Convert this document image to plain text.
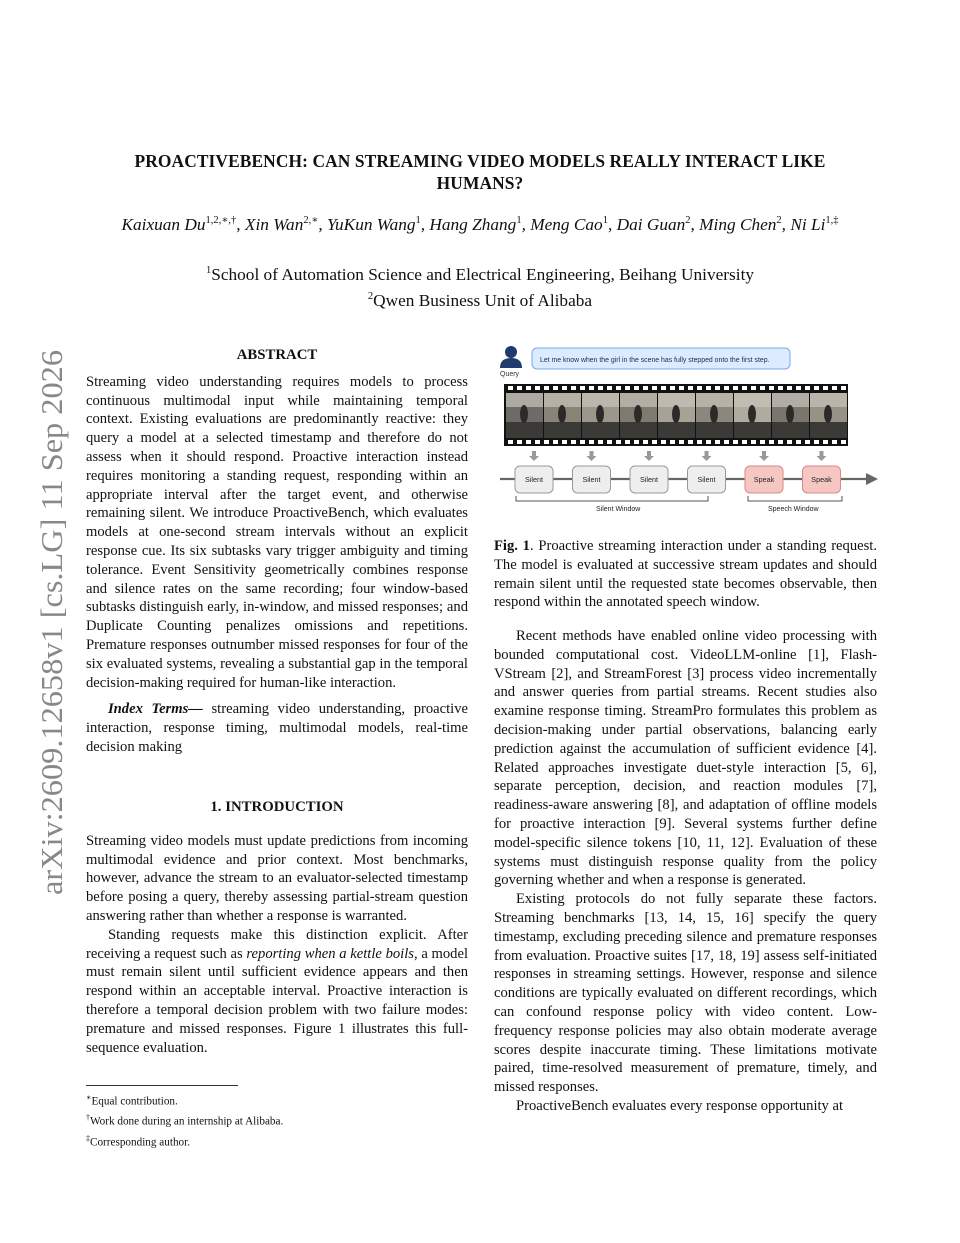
arXiv:2609.12658v1 [cs.LG] 11 Sep 2026
PROACTIVEBENCH: CAN STREAMING VIDEO MODELS REALLY INTERACT LIKE
HUMANS?
Kaixuan $Du^{1,2,∗,\dagger}$, Xin Wan$^{2,∗}$, YuKun Wang$^1$, Hang Zhang$^1$, Meng Cao$^1$, Dai Guan$^2$, Ming Chen$^2$, Ni $Li^{1,\ddagger}$
$^1$School of Automation Science and Electrical Engineering, Beihang University
$^2$Qwen Business Unit of Alibaba

ABSTRACT

Streaming video understanding requires models to process continuous multimodal input while maintaining temporal context. Existing evaluations are predominantly reactive: they query a model at a selected timestamp and therefore do not assess when it should respond. Proactive interaction instead requires monitoring a standing request, responding within an appropriate interval after the target event, and otherwise remaining silent. We introduce ProactiveBench, which evaluates models at one-second stream intervals without an explicit response cue. Its six subtasks vary trigger ambiguity and timing tolerance. Event Sensitivity geometrically combines response and silence rates on the same recording; four window-based subtasks distinguish early, in-window, and missed responses; and Duplicate Counting penalizes omissions and repetitions. Premature responses outnumber missed responses for four of the six evaluated systems, revealing a substantial gap in the temporal decision-making required for human-like interaction.

Index Terms— streaming video understanding, proactive interaction, response timing, multimodal models, real-time decision making

1. INTRODUCTION

Streaming video models must update predictions from incoming multimodal evidence and prior context. Most benchmarks, however, advance the stream to an evaluator-selected timestamp before posing a query, thereby assessing partial-stream question answering rather than whether a response is warranted.

Standing requests make this distinction explicit. After receiving a request such as reporting when a kettle boils, a model must remain silent until sufficient evidence appears and then respond within an acceptable interval. Proactive interaction is therefore a temporal decision problem with two failure modes: premature and missed responses. Figure 1 illustrates this full-sequence evaluation.

∗Equal contribution.

†Work done during an internship at Alibaba.

‡Corresponding author.

Query
Let me know when the girl in the scene has fully stepped onto the first step.
Silent	Silent	Silent	Silent	Speak	Speak
Silent Window	Speech Window

Fig. 1. Proactive streaming interaction under a standing request. The model is evaluated at successive stream updates and should remain silent until the requested state becomes observable, then respond within the annotated speech window.

Recent methods have enabled online video processing with bounded computational cost. VideoLLM-online [1], Flash-VStream [2], and StreamForest [3] process video incrementally and answer queries from partial streams. Recent studies also examine response timing. StreamPro formulates this problem as decision-making under partial observations, balancing early prediction against the accumulation of sufficient evidence [4]. Related approaches investigate duet-style interaction [5, 6], separate perception, decision, and reaction modules [7], readiness-aware answering [8], and adaptation of offline models for proactive interaction [9]. Several systems further define model-specific silence tokens [10, 11, 12]. Evaluation of these systems must distinguish response quality from the policy governing whether and when a response is generated.

Existing protocols do not fully separate these factors. Streaming benchmarks [13, 14, 15, 16] specify the query timestamp, excluding preceding silence and premature responses from evaluation. Proactive suites [17, 18, 19] assess self-initiated responses in streaming settings. However, response and silence conditions are typically evaluated on different recordings, which can confound response policy with video content. Low-frequency response policies may also obtain moderate average scores despite inaccurate timing. These limitations motivate paired, time-resolved measurement of premature, timely, and missed responses.

ProactiveBench evaluates every response opportunity at
